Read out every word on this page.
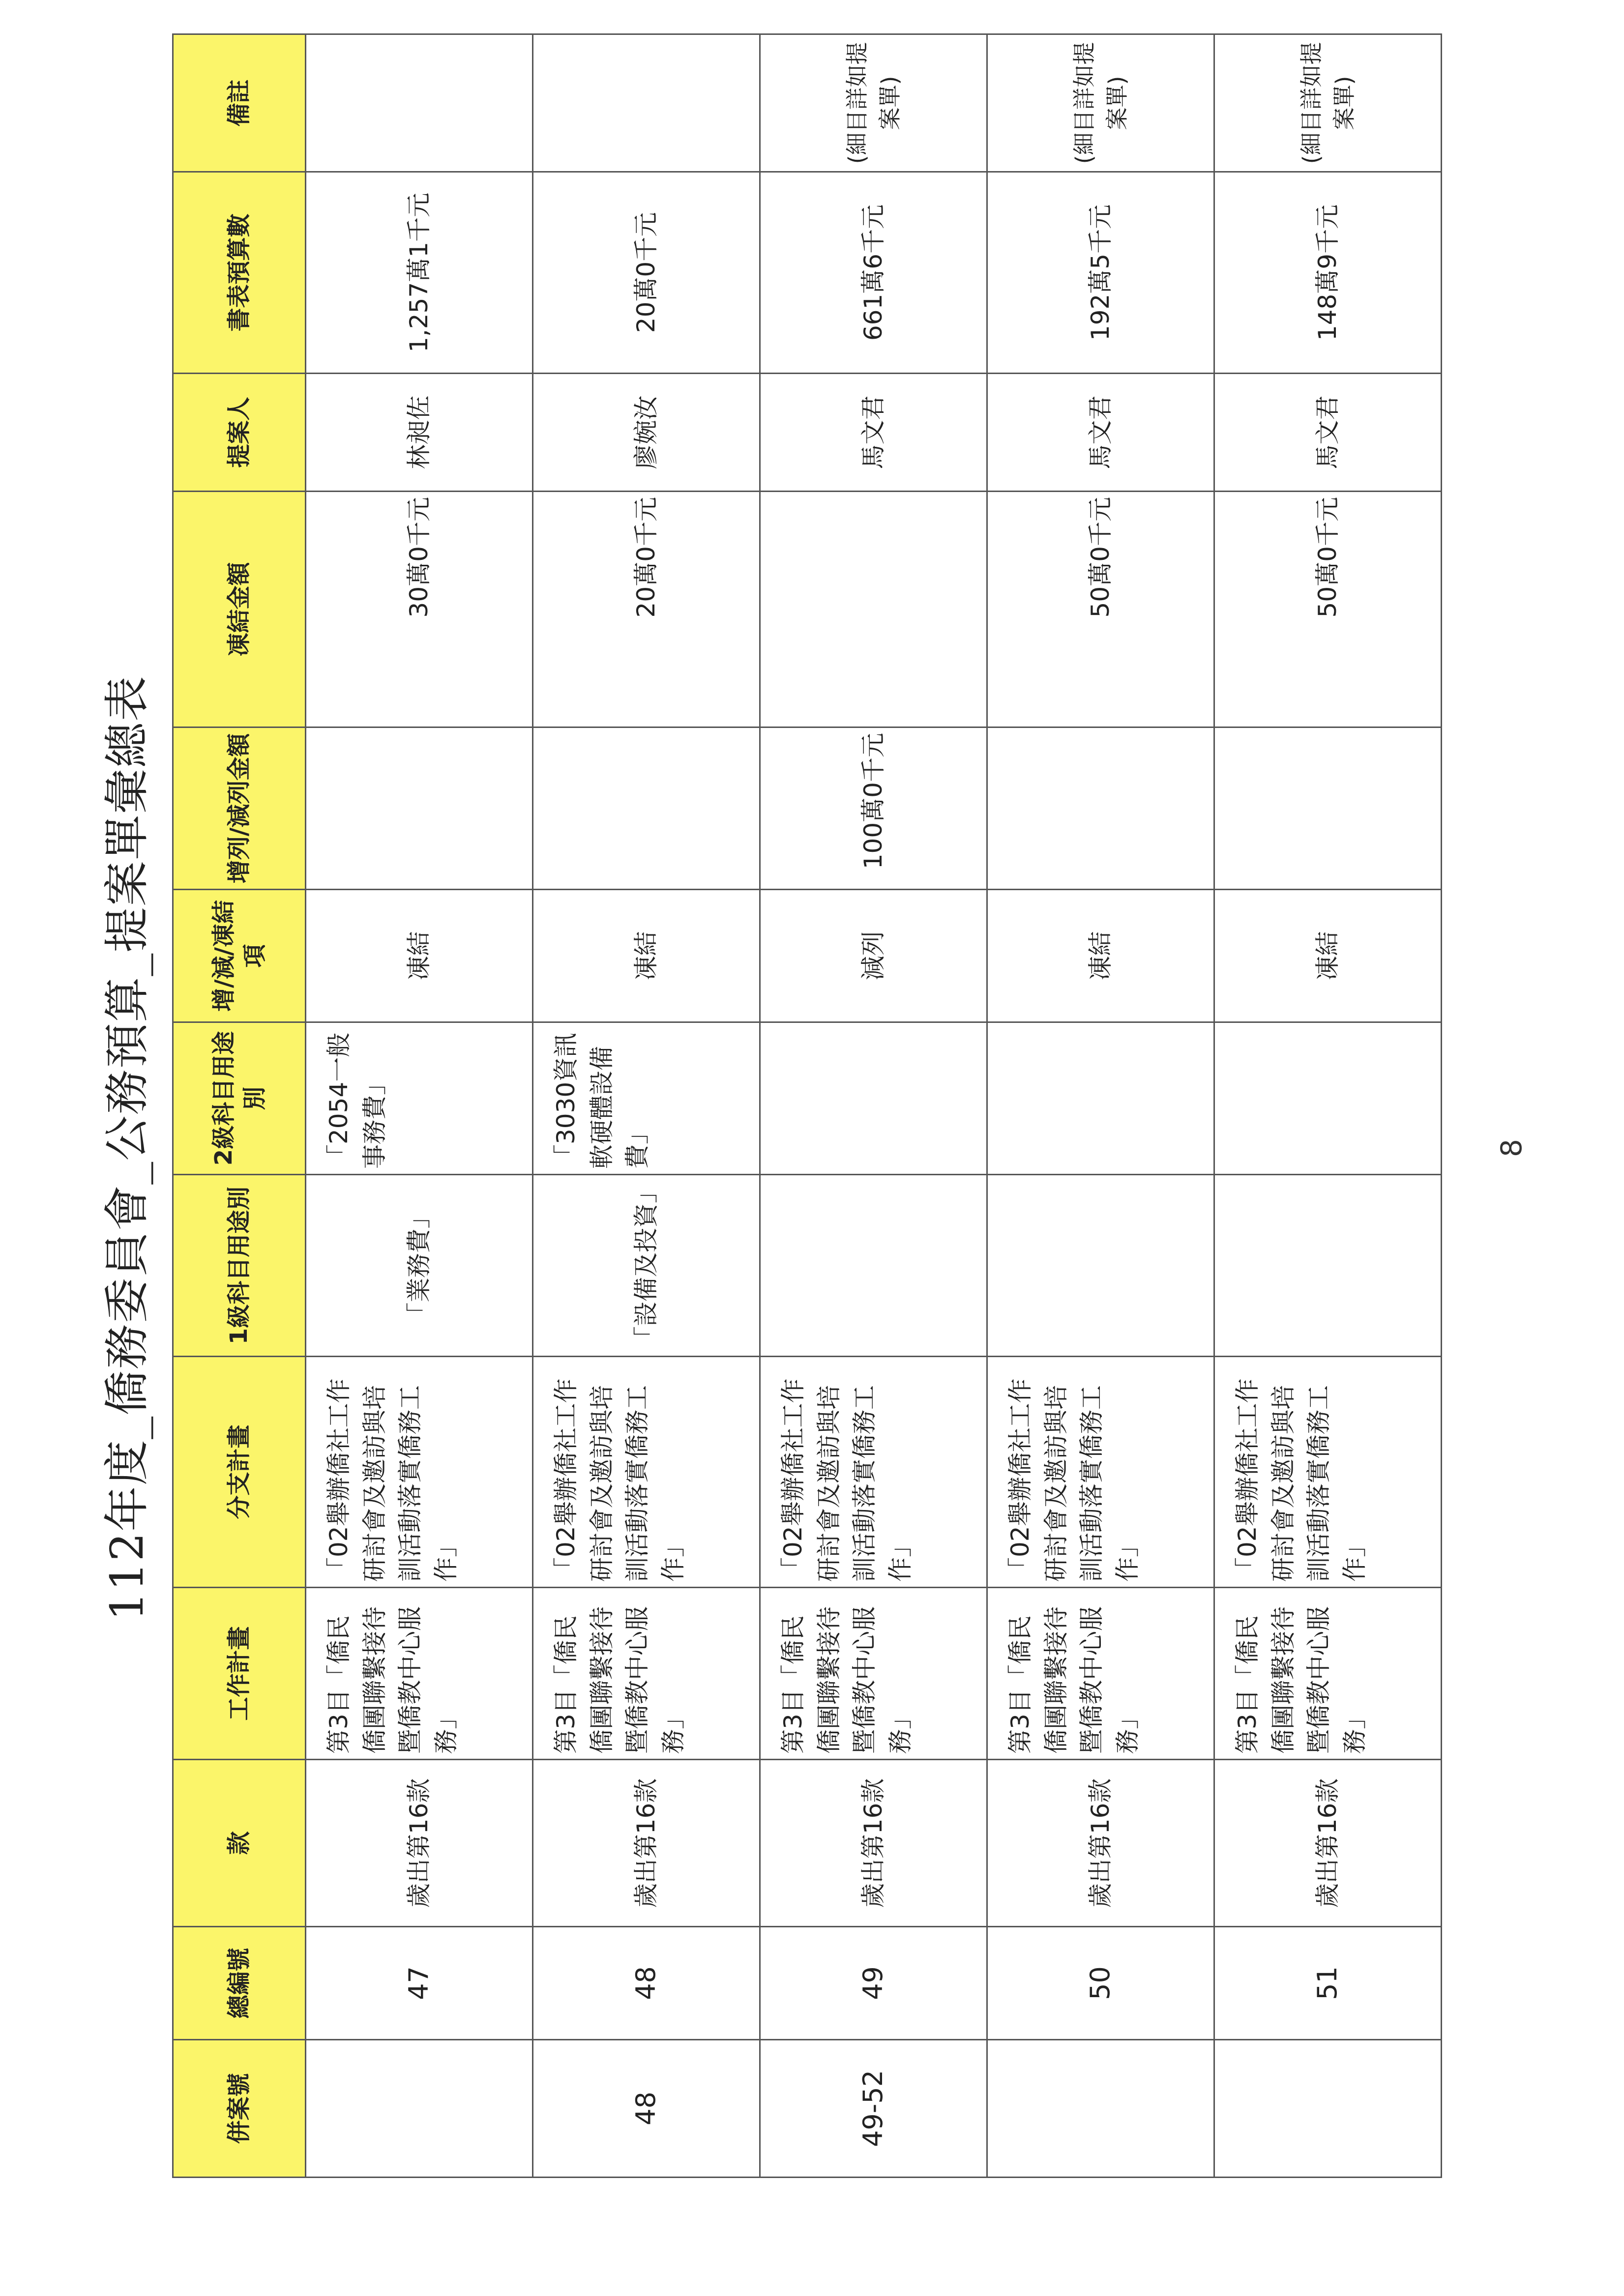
112年度_僑務委員會_公務預算_提案單彙總表
併案號	總編號	款	工作計畫	分支計畫	1級科目用途別	2級科目用途別	增/減/凍結項	增列/減列金額	凍結金額	提案人	書表預算數	備註
	47	歲出第16款	第3目「僑民僑團聯繫接待暨僑教中心服務」	「02舉辦僑社工作研討會及邀訪與培訓活動落實僑務工作」	「業務費」	「2054一般事務費」	凍結		30萬0千元	林昶佐	1,257萬1千元	
48	48	歲出第16款	第3目「僑民僑團聯繫接待暨僑教中心服務」	「02舉辦僑社工作研討會及邀訪與培訓活動落實僑務工作」	「設備及投資」	「3030資訊軟硬體設備費」	凍結		20萬0千元	廖婉汝	20萬0千元	
49-52	49	歲出第16款	第3目「僑民僑團聯繫接待暨僑教中心服務」	「02舉辦僑社工作研討會及邀訪與培訓活動落實僑務工作」			減列	100萬0千元		馬文君	661萬6千元	(細目詳如提案單)
	50	歲出第16款	第3目「僑民僑團聯繫接待暨僑教中心服務」	「02舉辦僑社工作研討會及邀訪與培訓活動落實僑務工作」			凍結		50萬0千元	馬文君	192萬5千元	(細目詳如提案單)
	51	歲出第16款	第3目「僑民僑團聯繫接待暨僑教中心服務」	「02舉辦僑社工作研討會及邀訪與培訓活動落實僑務工作」			凍結		50萬0千元	馬文君	148萬9千元	(細目詳如提案單)
8
